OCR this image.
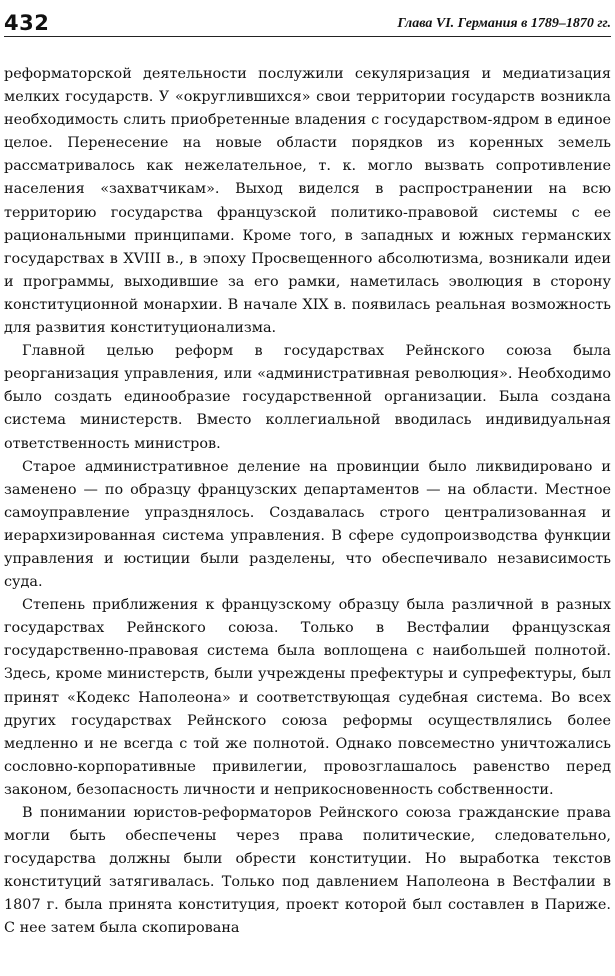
432	Глава VI. Германия в 1789–1870 гг.

реформаторской деятельности послужили секуляризация и медиатизация мелких государств. У «округлившихся» свои территории государств возникла необходимость слить приобретенные владения с государством-ядром в единое целое. Перенесение на новые области порядков из коренных земель рассматривалось как нежелательное, т. к. могло вызвать сопротивление населения «захватчикам». Выход виделся в распространении на всю территорию государства французской политико-правовой системы с ее рациональными принципами. Кроме того, в западных и южных германских государствах в XVIII в., в эпоху Просвещенного абсолютизма, возникали идеи и программы, выходившие за его рамки, наметилась эволюция в сторону конституционной монархии. В начале XIX в. появилась реальная возможность для развития конституционализма.

Главной целью реформ в государствах Рейнского союза была реорганизация управления, или «административная революция». Необходимо было создать единообразие государственной организации. Была создана система министерств. Вместо коллегиальной вводилась индивидуальная ответственность министров.

Старое административное деление на провинции было ликвидировано и заменено — по образцу французских департаментов — на области. Местное самоуправление упразднялось. Создавалась строго централизованная и иерархизированная система управления. В сфере судопроизводства функции управления и юстиции были разделены, что обеспечивало независимость суда.

Степень приближения к французскому образцу была различной в разных государствах Рейнского союза. Только в Вестфалии французская государственно-правовая система была воплощена с наибольшей полнотой. Здесь, кроме министерств, были учреждены префектуры и супрефектуры, был принят «Кодекс Наполеона» и соответствующая судебная система. Во всех других государствах Рейнского союза реформы осуществлялись более медленно и не всегда с той же полнотой. Однако повсеместно уничтожались сословно-корпоративные привилегии, провозглашалось равенство перед законом, безопасность личности и неприкосновенность собственности.

В понимании юристов-реформаторов Рейнского союза гражданские права могли быть обеспечены через права политические, следовательно, государства должны были обрести конституции. Но выработка текстов конституций затягивалась. Только под давлением Наполеона в Вестфалии в 1807 г. была принята конституция, проект которой был составлен в Париже. С нее затем была скопирована
